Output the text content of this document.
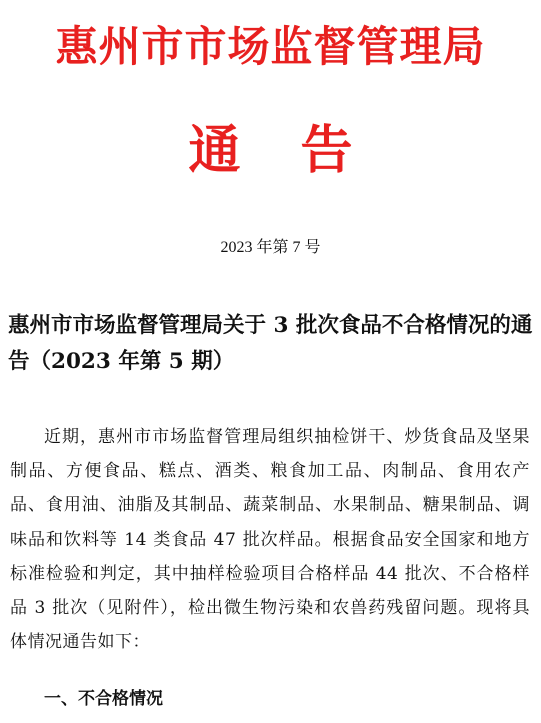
惠州市市场监督管理局
通告
2023 年第 7 号
惠州市市场监督管理局关于 3 批次食品不合格情况的通告（2023 年第 5 期）
近期，惠州市市场监督管理局组织抽检饼干、炒货食品及坚果制品、方便食品、糕点、酒类、粮食加工品、肉制品、食用农产品、食用油、油脂及其制品、蔬菜制品、水果制品、糖果制品、调味品和饮料等 14 类食品 47 批次样品。根据食品安全国家和地方标准检验和判定，其中抽样检验项目合格样品 44 批次、不合格样品 3 批次（见附件），检出微生物污染和农兽药残留问题。现将具体情况通告如下：
一、不合格情况
